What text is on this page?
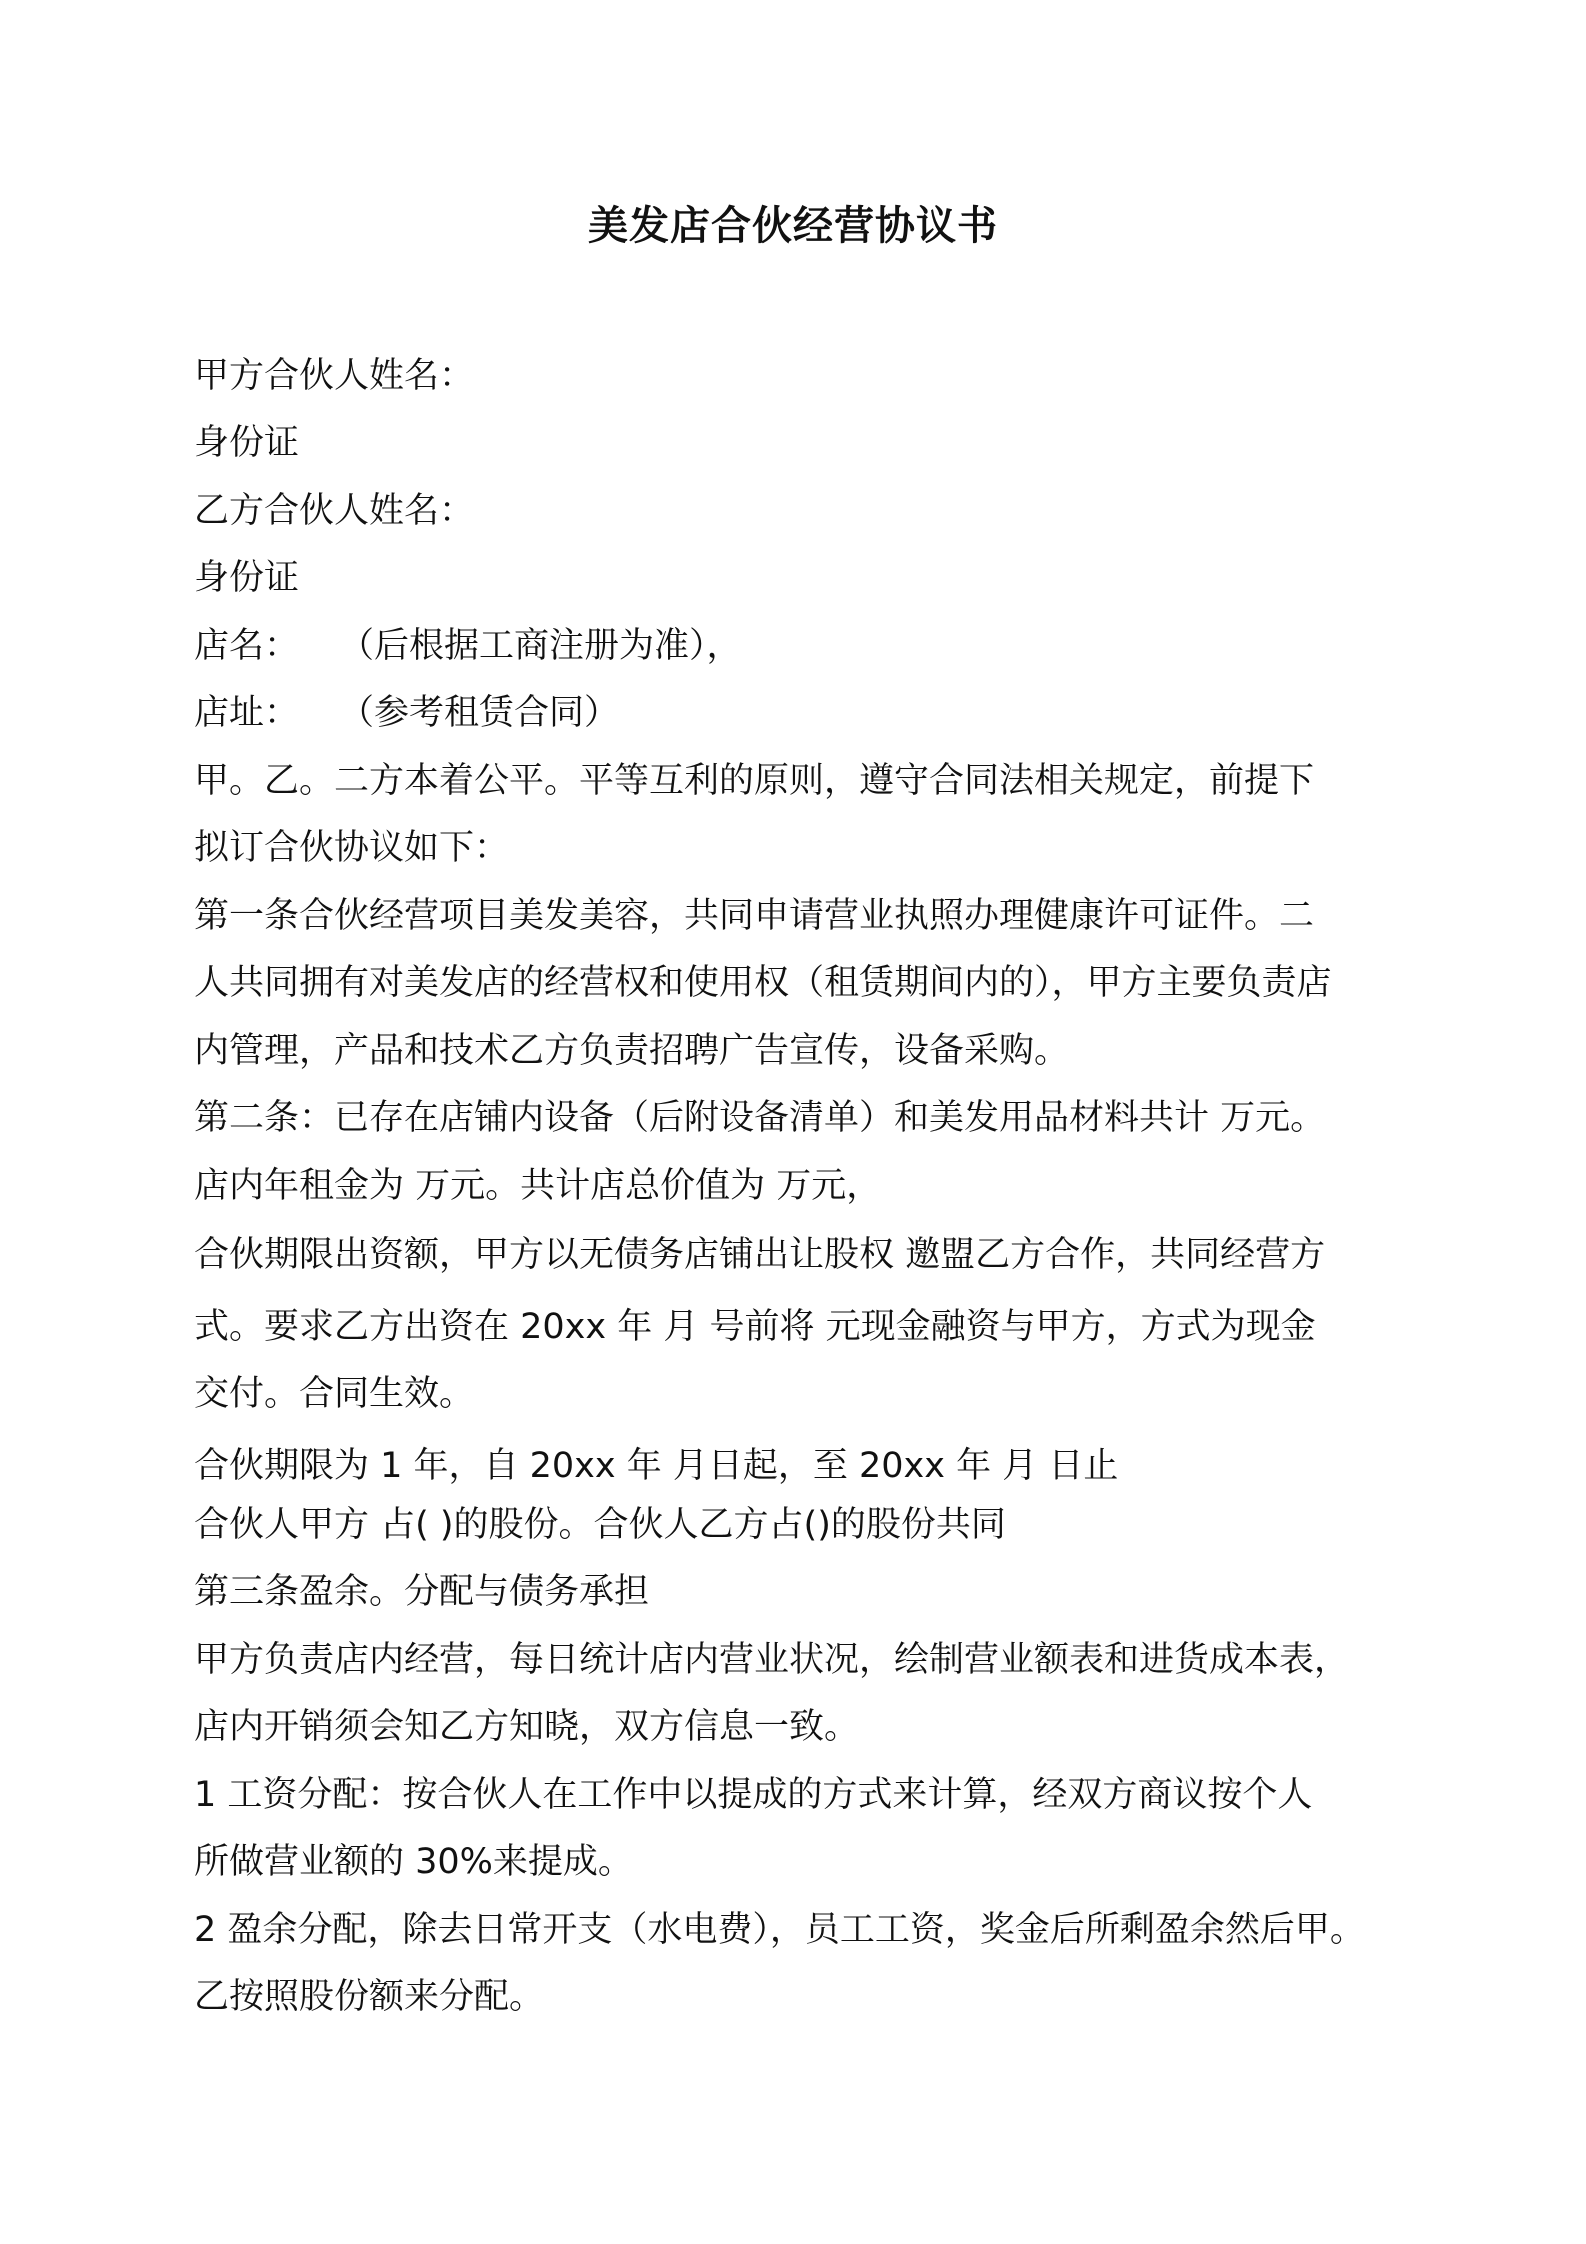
美发店合伙经营协议书

甲方合伙人姓名：

身份证

乙方合伙人姓名：

身份证

店名： （后根据工商注册为准），

店址： （参考租赁合同）

甲。乙。二方本着公平。平等互利的原则，遵守合同法相关规定，前提下

拟订合伙协议如下：

第一条合伙经营项目美发美容，共同申请营业执照办理健康许可证件。二

人共同拥有对美发店的经营权和使用权（租赁期间内的），甲方主要负责店

内管理，产品和技术乙方负责招聘广告宣传，设备采购。

第二条：已存在店铺内设备（后附设备清单）和美发用品材料共计 万元。

店内年租金为 万元。共计店总价值为 万元，

合伙期限出资额，甲方以无债务店铺出让股权 邀盟乙方合作，共同经营方

式。要求乙方出资在 20xx 年 月 号前将 元现金融资与甲方，方式为现金

交付。合同生效。

合伙期限为 1 年，自 20xx 年 月日起，至 20xx 年 月 日止

合伙人甲方 占( )的股份。合伙人乙方占()的股份共同

第三条盈余。分配与债务承担

甲方负责店内经营，每日统计店内营业状况，绘制营业额表和进货成本表，

店内开销须会知乙方知晓，双方信息一致。

1 工资分配：按合伙人在工作中以提成的方式来计算，经双方商议按个人

所做营业额的 30%来提成。

2 盈余分配，除去日常开支（水电费），员工工资，奖金后所剩盈余然后甲。

乙按照股份额来分配。
